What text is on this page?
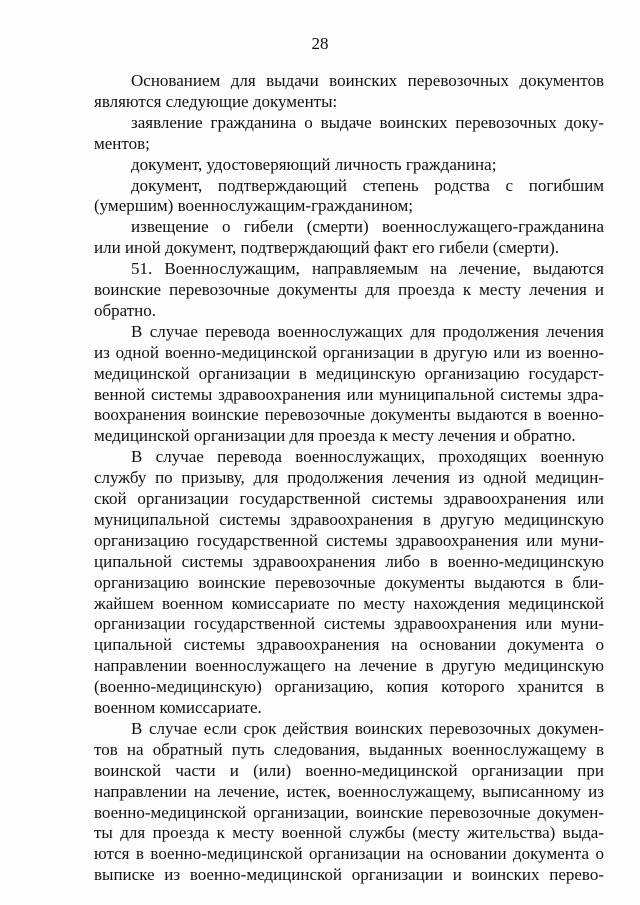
28
Основанием для выдачи воинских перевозочных документов
являются следующие документы:
заявление гражданина о выдаче воинских перевозочных доку-
ментов;
документ, удостоверяющий личность гражданина;
документ, подтверждающий степень родства с погибшим
(умершим) военнослужащим-гражданином;
извещение о гибели (смерти) военнослужащего-гражданина
или иной документ, подтверждающий факт его гибели (смерти).
51. Военнослужащим, направляемым на лечение, выдаются
воинские перевозочные документы для проезда к месту лечения и
обратно.
В случае перевода военнослужащих для продолжения лечения
из одной военно-медицинской организации в другую или из военно-
медицинской организации в медицинскую организацию государст-
венной системы здравоохранения или муниципальной системы здра-
воохранения воинские перевозочные документы выдаются в военно-
медицинской организации для проезда к месту лечения и обратно.
В случае перевода военнослужащих, проходящих военную
службу по призыву, для продолжения лечения из одной медицин-
ской организации государственной системы здравоохранения или
муниципальной системы здравоохранения в другую медицинскую
организацию государственной системы здравоохранения или муни-
ципальной системы здравоохранения либо в военно-медицинскую
организацию воинские перевозочные документы выдаются в бли-
жайшем военном комиссариате по месту нахождения медицинской
организации государственной системы здравоохранения или муни-
ципальной системы здравоохранения на основании документа о
направлении военнослужащего на лечение в другую медицинскую
(военно-медицинскую) организацию, копия которого хранится в
военном комиссариате.
В случае если срок действия воинских перевозочных докумен-
тов на обратный путь следования, выданных военнослужащему в
воинской части и (или) военно-медицинской организации при
направлении на лечение, истек, военнослужащему, выписанному из
военно-медицинской организации, воинские перевозочные докумен-
ты для проезда к месту военной службы (месту жительства) выда-
ются в военно-медицинской организации на основании документа о
выписке из военно-медицинской организации и воинских перево-
